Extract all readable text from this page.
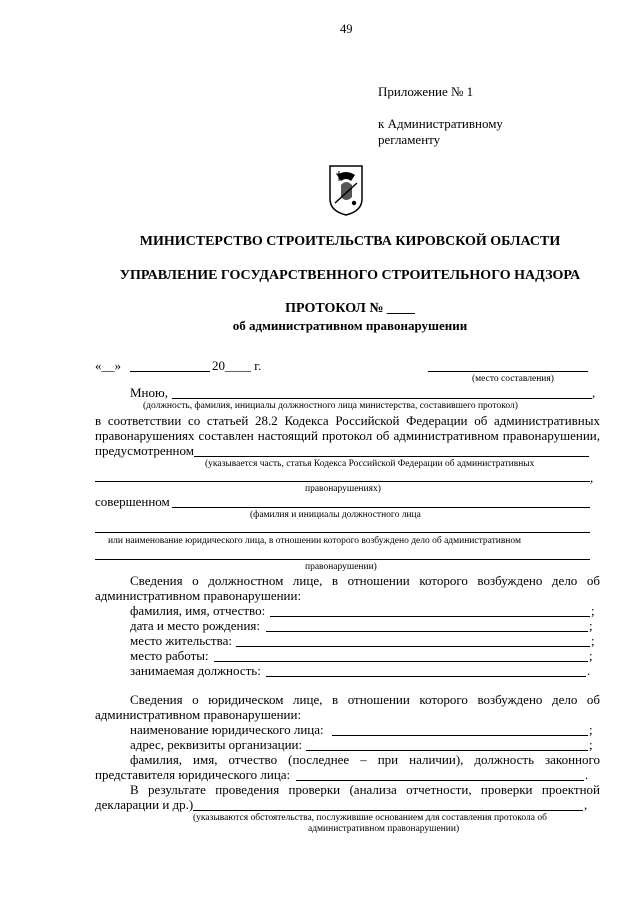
49
Приложение № 1
к Административному
регламенту
МИНИСТЕРСТВО СТРОИТЕЛЬСТВА КИРОВСКОЙ ОБЛАСТИ
УПРАВЛЕНИЕ ГОСУДАРСТВЕННОГО СТРОИТЕЛЬНОГО НАДЗОРА
ПРОТОКОЛ № ____
об административном правонарушении
«__»	20____ г.
(место составления)
Мною,	,
(должность, фамилия, инициалы должностного лица министерства, составившего протокол)
в соответствии со статьей 28.2 Кодекса Российской Федерации об административных
правонарушениях составлен настоящий протокол об административном правонарушении,
предусмотренном
(указывается часть, статья Кодекса Российской Федерации об административных
,
правонарушениях)
совершенном
(фамилия и инициалы должностного лица
или наименование юридического лица, в отношении которого возбуждено дело об административном
правонарушении)
Сведения о должностном лице, в отношении которого возбуждено дело об
административном правонарушении:
фамилия, имя, отчество:	;
дата и место рождения:	;
место жительства:	;
место работы:	;
занимаемая должность:	.
Сведения о юридическом лице, в отношении которого возбуждено дело об
административном правонарушении:
наименование юридического лица:	;
адрес, реквизиты организации:	;
фамилия, имя, отчество (последнее – при наличии), должность законного
представителя юридического лица:	.
В результате проведения проверки (анализа отчетности, проверки проектной
декларации и др.)	,
(указываются обстоятельства, послужившие основанием для составления протокола об
административном правонарушении)
